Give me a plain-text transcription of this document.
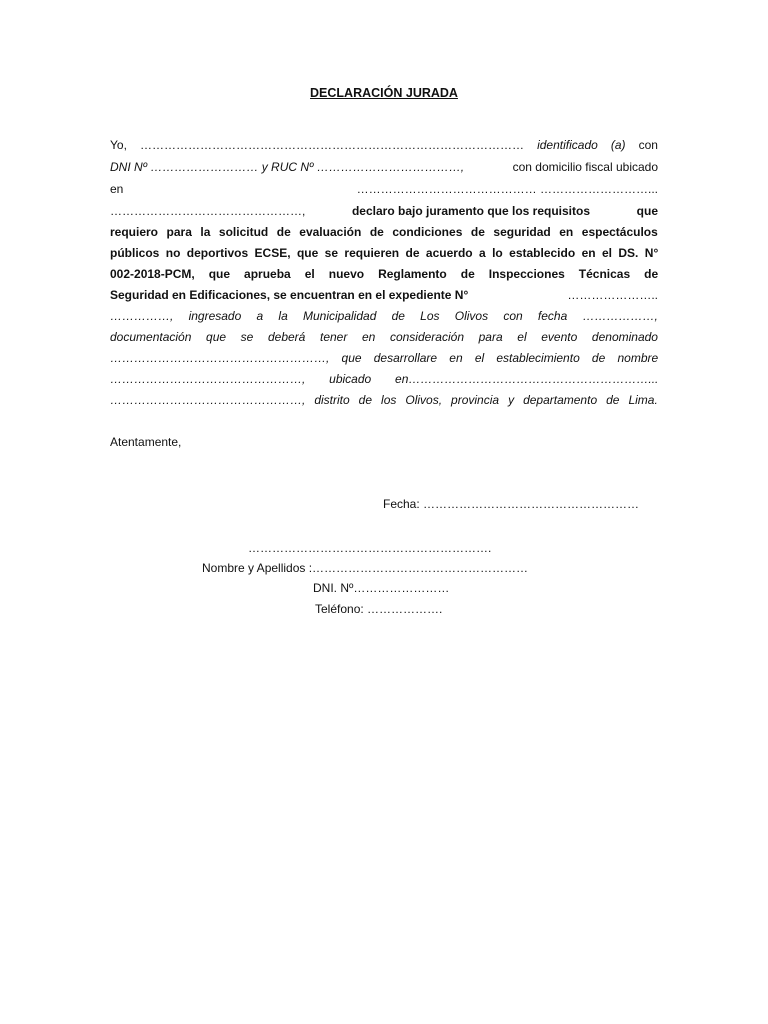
DECLARACIÓN JURADA
Yo, …………………………………………………………………………………… identificado (a) con
DNI Nº ……………………… y RUC Nº ………………………………,	con domicilio fiscal ubicado
en	……………………………………… ………………………...
…………………………………………,	declaro bajo juramento que los requisitos	que
requiero para la solicitud de evaluación de condiciones de seguridad en espectáculos
públicos no deportivos ECSE, que se requieren de acuerdo a lo establecido en el DS. N°
002-2018-PCM, que aprueba el nuevo Reglamento de Inspecciones Técnicas de
Seguridad en Edificaciones, se encuentran en el expediente N°	…………………..
……………, ingresado a la Municipalidad de Los Olivos con fecha ………………,
documentación que se deberá tener en consideración para el evento denominado
………………………………………………, que desarrollare en el establecimiento de nombre
…………………………………………, ubicado en……………………………………………………...
…………………………………………, distrito de los Olivos, provincia y departamento de Lima.
Atentamente,
Fecha: ………………………………………………
…………………………………………………….
Nombre y Apellidos :………………………………………………
DNI. Nº……………………
Teléfono: ……………….
